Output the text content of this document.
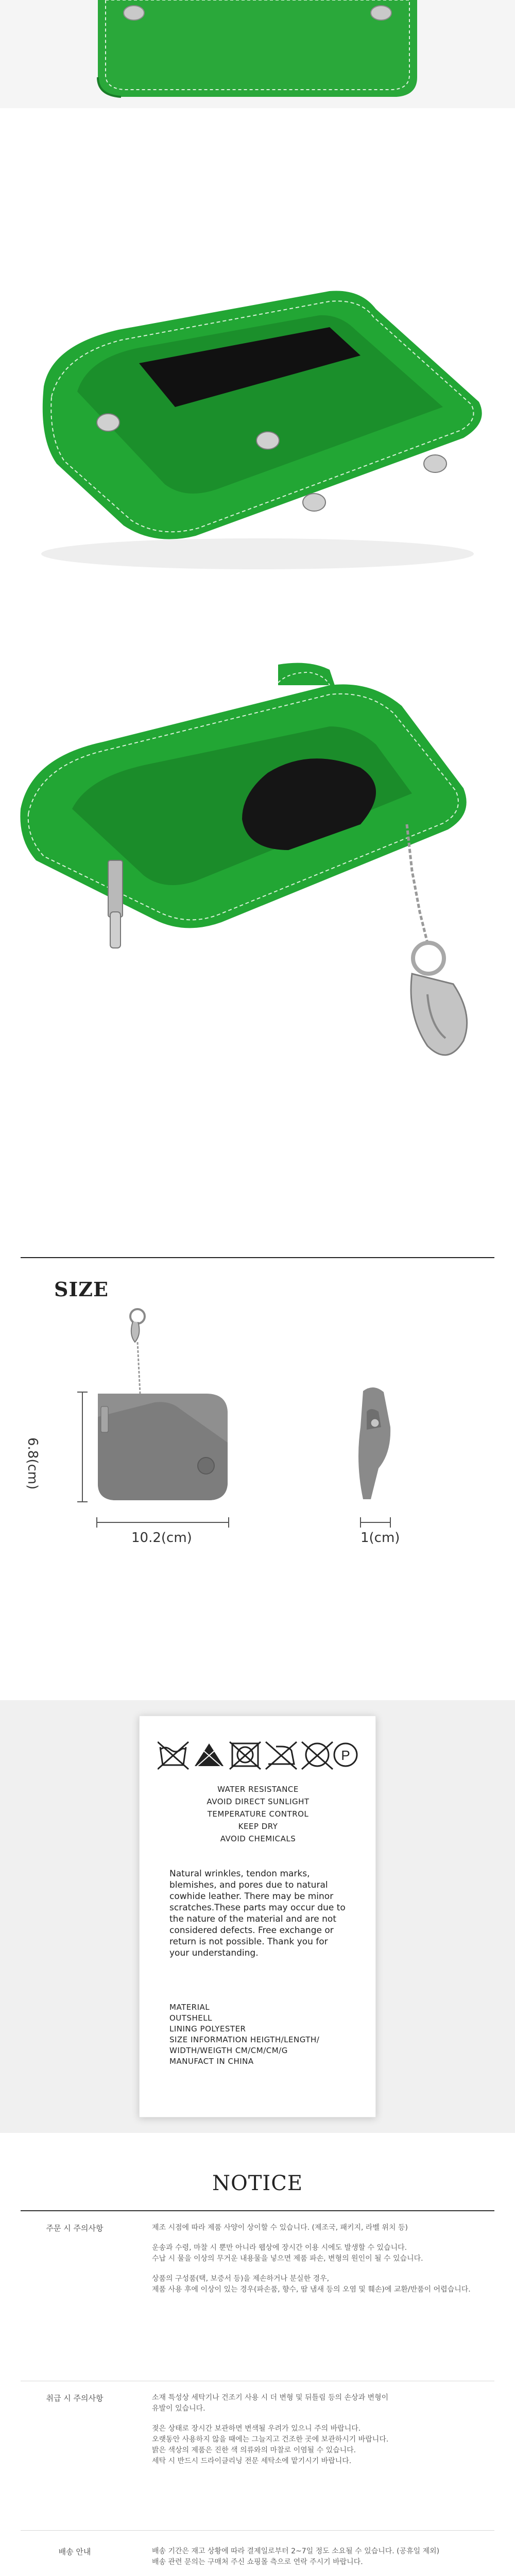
SIZE
6.8(cm)
10.2(cm)	1(cm)
P
WATER RESISTANCE
AVOID DIRECT SUNLIGHT
TEMPERATURE CONTROL
KEEP DRY
AVOID CHEMICALS
Natural wrinkles, tendon marks, blemishes, and pores due to natural cowhide leather. There may be minor scratches.These parts may occur due to the nature of the material and are not considered defects. Free exchange or return is not possible. Thank you for your understanding.
MATERIAL
OUTSHELL
LINING POLYESTER
SIZE INFORMATION HEIGTH/LENGTH/
WIDTH/WEIGTH CM/CM/CM/G
MANUFACT IN CHINA
NOTICE
주문 시 주의사항	제조 시점에 따라 제품 사양이 상이할 수 있습니다. (제조국, 패키지, 라벨 위치 등)

운송과 수령, 마찰 시 뿐만 아니라 웹상에 장시간 이용 시에도 발생할 수 있습니다.
수납 시 물을 이상의 무거운 내용물을 넣으면 제품 파손, 변형의 원인이 될 수 있습니다.

상품의 구성품(택, 보증서 등)을 제손하거나 분실한 경우,
제품 사용 후에 이상이 있는 경우(파손품, 향수, 땀 냄새 등의 오염 및 훼손)에 교환/반품이 어렵습니다.

취급 시 주의사항	소재 특성상 세탁기나 건조기 사용 시 더 변형 및 뒤틀림 등의 손상과 변형이
유발이 있습니다.

젖은 상태로 장시간 보관하면 변색될 우려가 있으니 주의 바랍니다.
오랫동안 사용하지 않을 때에는 그늘지고 건조한 곳에 보관하시기 바랍니다.
밝은 색상의 제품은 진한 색 의류와의 마찰로 이염될 수 있습니다.
세탁 시 반드시 드라이클리닝 전문 세탁소에 맡기시기 바랍니다.

배송 안내	배송 기간은 재고 상황에 따라 결제일로부터 2~7일 정도 소요될 수 있습니다. (공휴일 제외)
배송 관련 문의는 구매처 주신 쇼핑몰 측으로 연락 주시기 바랍니다.
